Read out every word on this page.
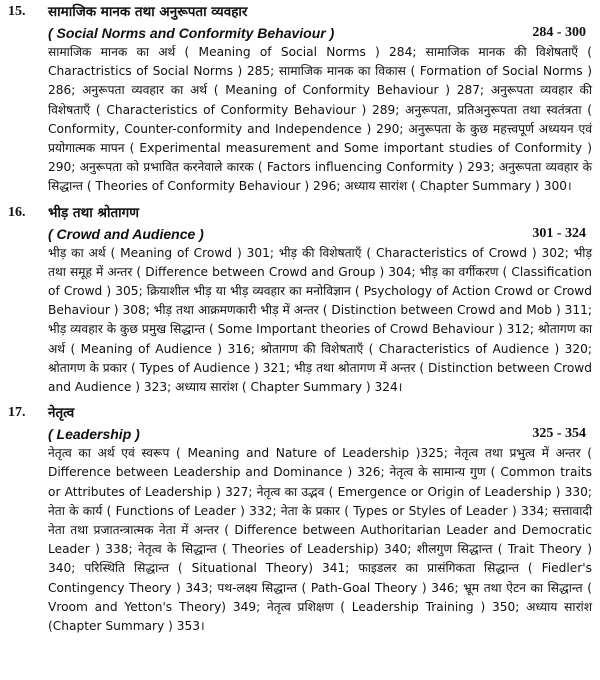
15. सामाजिक मानक तथा अनुरूपता व्यवहार
( Social Norms and Conformity Behaviour )	284 - 300
सामाजिक मानक का अर्थ ( Meaning of Social Norms ) 284; सामाजिक मानक की विशेषताएँ ( Charactristics of Social Norms ) 285; सामाजिक मानक का विकास ( Formation of Social Norms ) 286; अनुरूपता व्यवहार का अर्थ ( Meaning of Conformity Behaviour ) 287; अनुरूपता व्यवहार की विशेषताएँ ( Characteristics of Conformity Behaviour ) 289; अनुरूपता, प्रतिअनुरूपता तथा स्वतंत्रता ( Conformity, Counter-conformity and Independence ) 290; अनुरूपता के कुछ महत्त्वपूर्ण अध्ययन एवं प्रयोगात्मक मापन ( Experimental measurement and Some important studies of Conformity ) 290; अनुरूपता को प्रभावित करनेवाले कारक ( Factors influencing Conformity ) 293; अनुरूपता व्यवहार के सिद्धान्त ( Theories of Conformity Behaviour ) 296; अध्याय सारांश ( Chapter Summary ) 300।
16. भीड़ तथा श्रोतागण
( Crowd and Audience )	301 - 324
भीड़ का अर्थ ( Meaning of Crowd ) 301; भीड़ की विशेषताएँ ( Characteristics of Crowd ) 302; भीड़ तथा समूह में अन्तर ( Difference between Crowd and Group ) 304; भीड़ का वर्गीकरण ( Classification of Crowd ) 305; क्रियाशील भीड़ या भीड़ व्यवहार का मनोविज्ञान ( Psychology of Action Crowd or Crowd Behaviour ) 308; भीड़ तथा आक्रमणकारी भीड़ में अन्तर ( Distinction between Crowd and Mob ) 311; भीड़ व्यवहार के कुछ प्रमुख सिद्धान्त ( Some Important theories of Crowd Behaviour ) 312; श्रोतागण का अर्थ ( Meaning of Audience ) 316; श्रोतागण की विशेषताएँ ( Characteristics of Audience ) 320; श्रोतागण के प्रकार ( Types of Audience ) 321; भीड़ तथा श्रोतागण में अन्तर ( Distinction between Crowd and Audience ) 323; अध्याय सारांश ( Chapter Summary ) 324।
17. नेतृत्व
( Leadership )	325 - 354
नेतृत्व का अर्थ एवं स्वरूप ( Meaning and Nature of Leadership )325; नेतृत्व तथा प्रभुत्व में अन्तर ( Difference between Leadership and Dominance ) 326; नेतृत्व के सामान्य गुण ( Common traits or Attributes of Leadership ) 327; नेतृत्व का उद्भव ( Emergence or Origin of Leadership ) 330; नेता के कार्य ( Functions of Leader ) 332; नेता के प्रकार ( Types or Styles of Leader ) 334; सत्तावादी नेता तथा प्रजातन्त्रात्मक नेता में अन्तर ( Difference between Authoritarian Leader and Democratic Leader ) 338; नेतृत्व के सिद्धान्त ( Theories of Leadership) 340; शीलगुण सिद्धान्त ( Trait Theory ) 340; परिस्थिति सिद्धान्त ( Situational Theory) 341; फाइडलर का प्रासंगिकता सिद्धान्त ( Fiedler's Contingency Theory ) 343; पथ-लक्ष्य सिद्धान्त ( Path-Goal Theory ) 346; भ्रूम तथा ऐटन का सिद्धान्त ( Vroom and Yetton's Theory) 349; नेतृत्व प्रशिक्षण ( Leadership Training ) 350; अध्याय सारांश (Chapter Summary ) 353।
